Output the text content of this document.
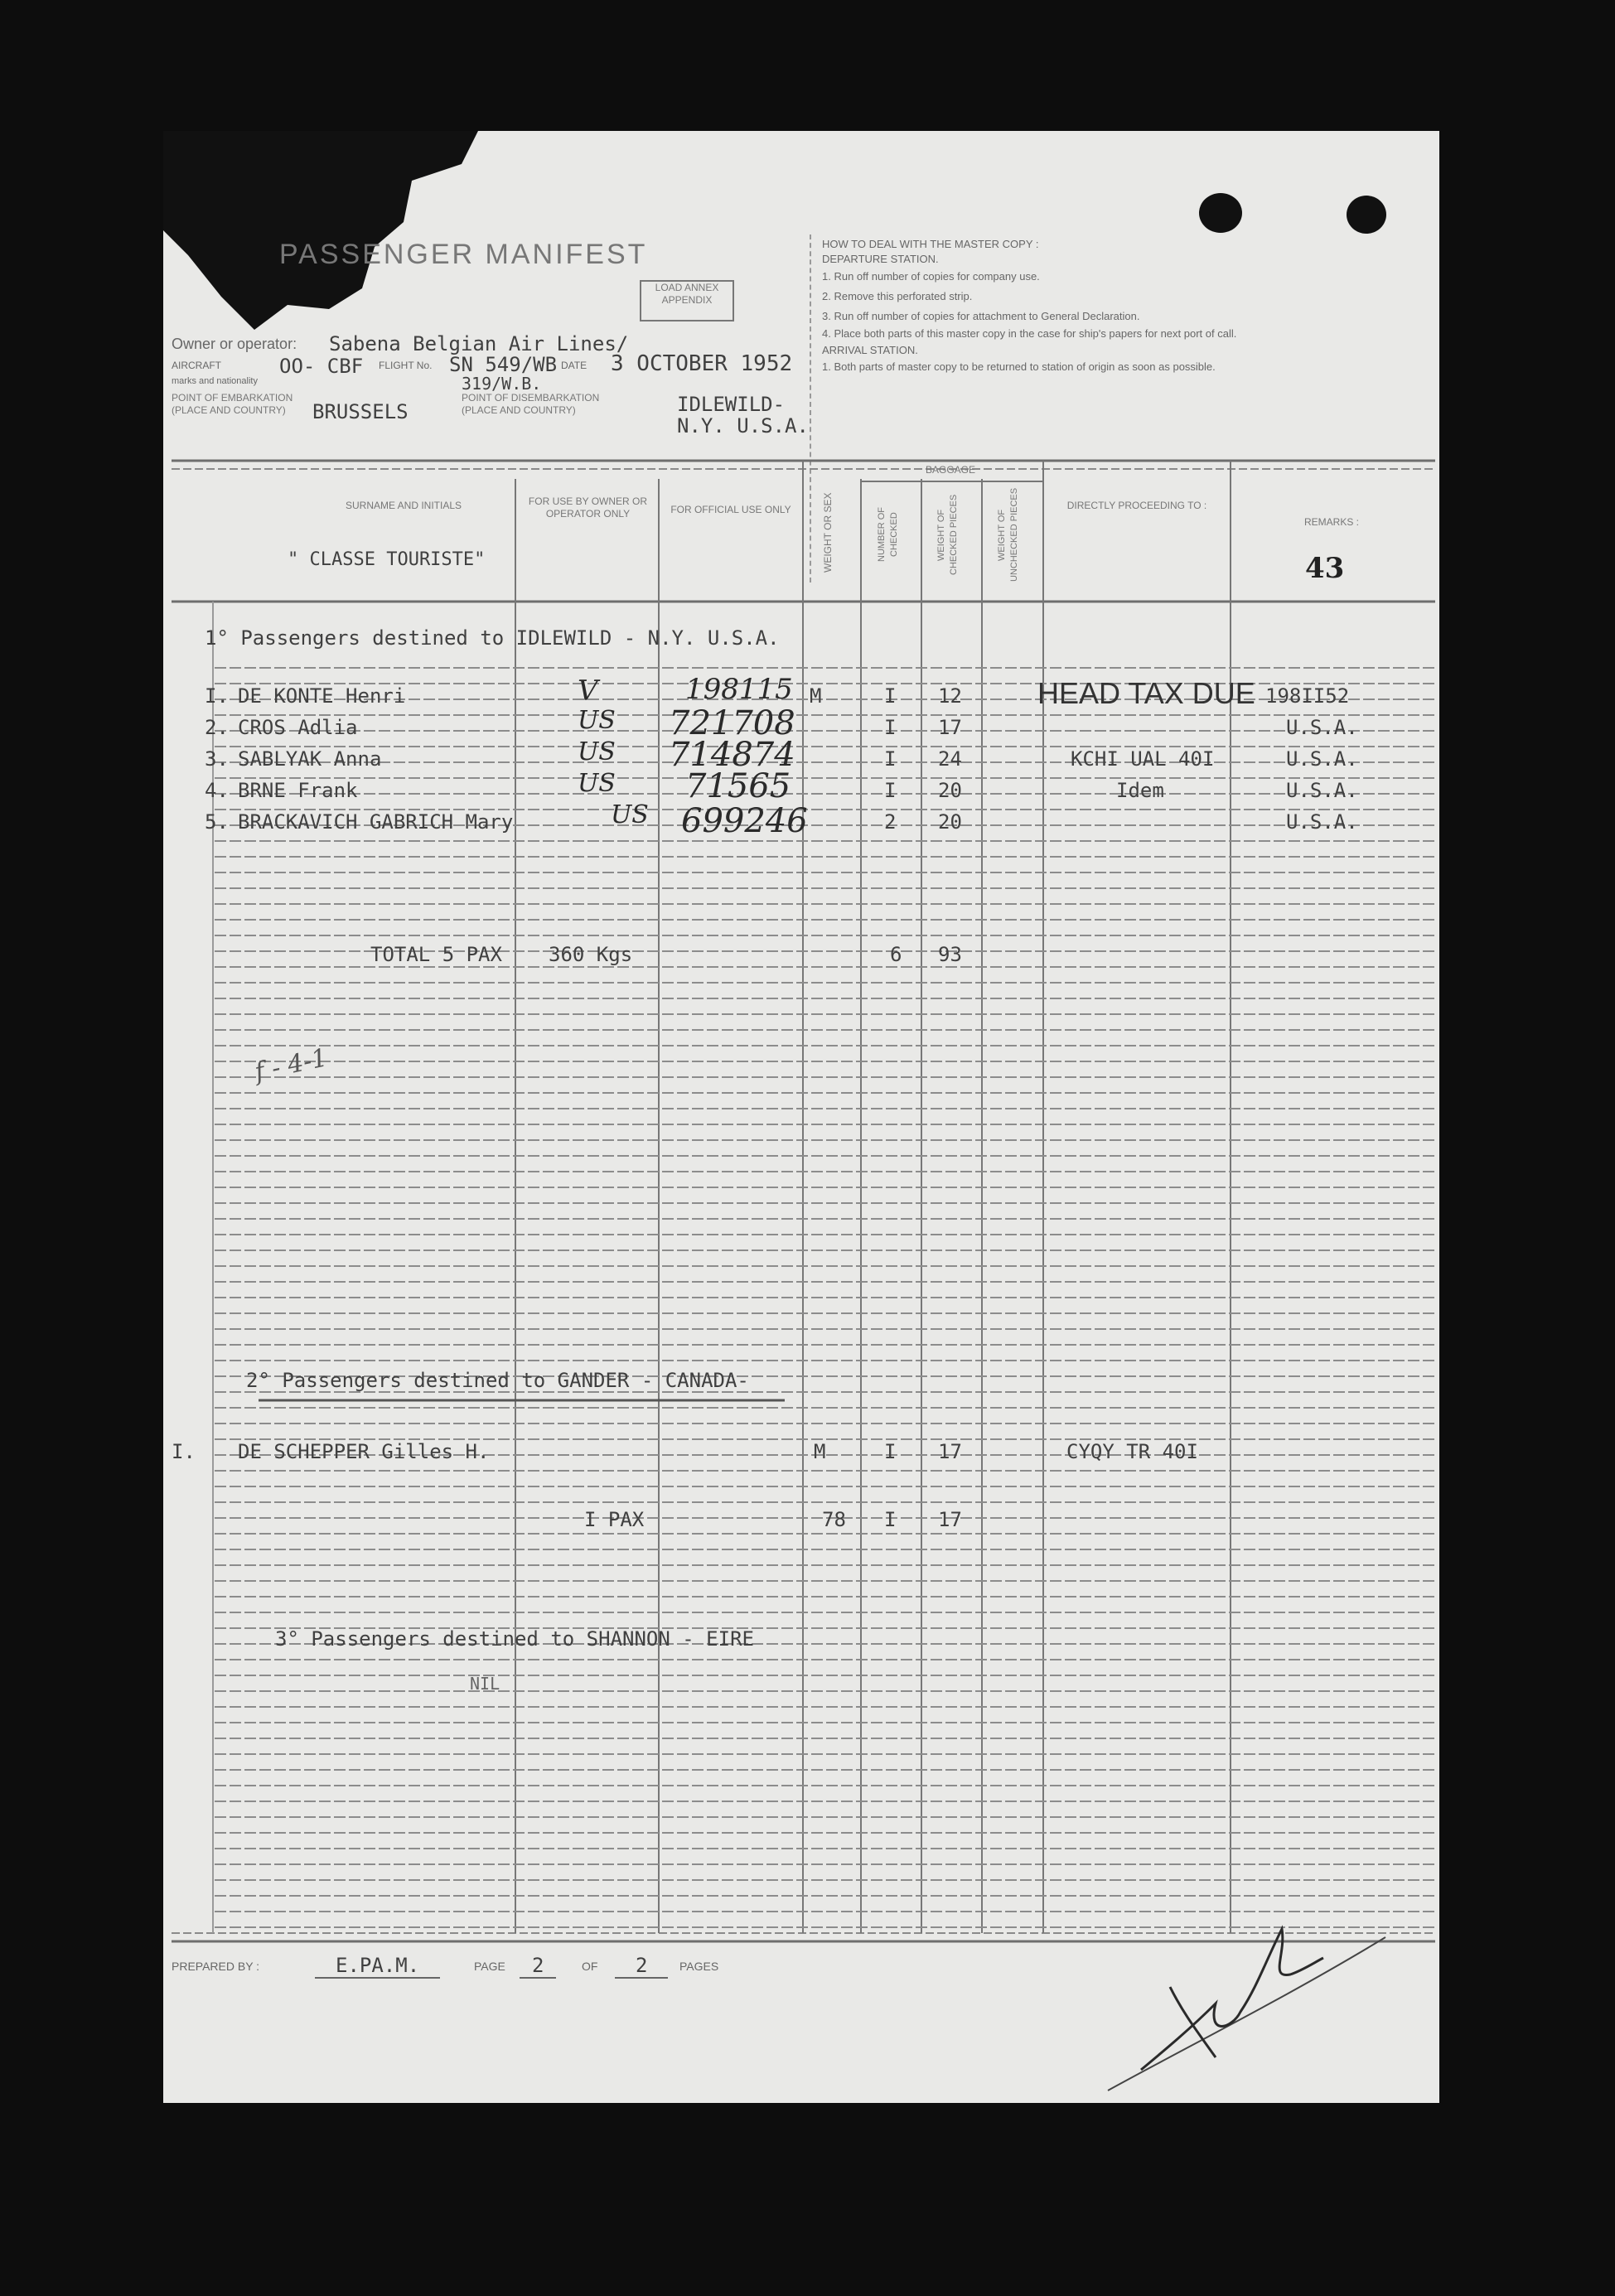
PASSENGER MANIFEST
LOAD ANNEX
APPENDIX
Owner or operator: Sabena Belgian Air Lines/
AIRCRAFT	OO- CBF FLIGHT No. SN 549/WB
319/W.B.
DATE 3 OCTOBER 1952
marks and nationality
POINT OF EMBARKATION (PLACE AND COUNTRY)	BRUSSELS
POINT OF DISEMBARKATION (PLACE AND COUNTRY)	IDLEWILD-
N.Y. U.S.A.
HOW TO DEAL WITH THE MASTER COPY :
DEPARTURE STATION.
1. Run off number of copies for company use.
2. Remove this perforated strip.
3. Run off number of copies for attachment to General Declaration.
4. Place both parts of this master copy in the case for ship's papers for next port of call.
ARRIVAL STATION.
1. Both parts of master copy to be returned to station of origin as soon as possible.
SURNAME AND INITIALS
" CLASSE TOURISTE"
FOR USE BY OWNER OR OPERATOR ONLY	FOR OFFICIAL USE ONLY	WEIGHT OR SEX
BAGGAGE
NUMBER OF CHECKED	WEIGHT OF CHECKED PIECES	WEIGHT OF UNCHECKED PIECES	DIRECTLY PROCEEDING TO :
REMARKS :
43
1° Passengers destined to IDLEWILD - N.Y. U.S.A.
I. DE KONTE Henri	V	198115 M	I 12	HEAD TAX DUE 198II52
2. CROS Adlia	US 721708	I 17	U.S.A.
3. SABLYAK Anna	US 714874	I 24	KCHI UAL 40I	U.S.A.
4. BRNE Frank	US 71565	I 20	Idem	U.S.A.
5. BRACKAVICH GABRICH Mary	US 699246	2 20	U.S.A.
TOTAL 5 PAX 360 Kgs	6 93
f - 4-1
2° Passengers destined to GANDER - CANADA-
I. DE SCHEPPER Gilles H.	M	I 17	CYQY TR 40I
I PAX	78 I 17
3° Passengers destined to SHANNON - EIRE
NIL
PREPARED BY :	E.PA.M.	PAGE	2	OF	2	PAGES
